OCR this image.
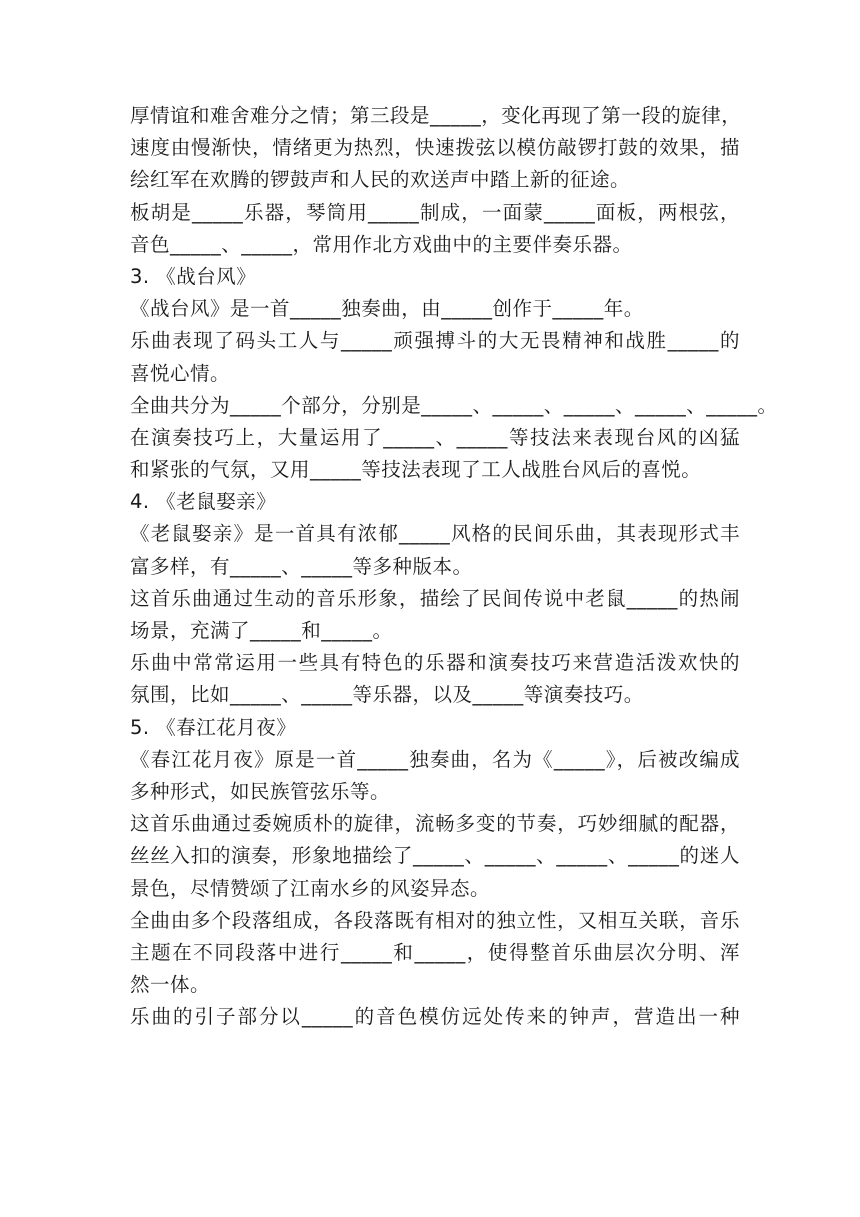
厚情谊和难舍难分之情；第三段是_____，变化再现了第一段的旋律，
速度由慢渐快，情绪更为热烈，快速拨弦以模仿敲锣打鼓的效果，描
绘红军在欢腾的锣鼓声和人民的欢送声中踏上新的征途。
板胡是_____乐器，琴筒用_____制成，一面蒙_____面板，两根弦，
音色_____、_____，常用作北方戏曲中的主要伴奏乐器。
3. 《战台风》
《战台风》是一首_____独奏曲，由_____创作于_____年。
乐曲表现了码头工人与_____顽强搏斗的大无畏精神和战胜_____的
喜悦心情。
全曲共分为_____个部分，分别是_____、_____、_____、_____、_____。
在演奏技巧上，大量运用了_____、_____等技法来表现台风的凶猛
和紧张的气氛，又用_____等技法表现了工人战胜台风后的喜悦。
4. 《老鼠娶亲》
《老鼠娶亲》是一首具有浓郁_____风格的民间乐曲，其表现形式丰
富多样，有_____、_____等多种版本。
这首乐曲通过生动的音乐形象，描绘了民间传说中老鼠_____的热闹
场景，充满了_____和_____。
乐曲中常常运用一些具有特色的乐器和演奏技巧来营造活泼欢快的
氛围，比如_____、_____等乐器，以及_____等演奏技巧。
5. 《春江花月夜》
《春江花月夜》原是一首_____独奏曲，名为《_____》，后被改编成
多种形式，如民族管弦乐等。
这首乐曲通过委婉质朴的旋律，流畅多变的节奏，巧妙细腻的配器，
丝丝入扣的演奏，形象地描绘了_____、_____、_____、_____的迷人
景色，尽情赞颂了江南水乡的风姿异态。
全曲由多个段落组成，各段落既有相对的独立性，又相互关联，音乐
主题在不同段落中进行_____和_____，使得整首乐曲层次分明、浑
然一体。
乐曲的引子部分以_____的音色模仿远处传来的钟声，营造出一种
